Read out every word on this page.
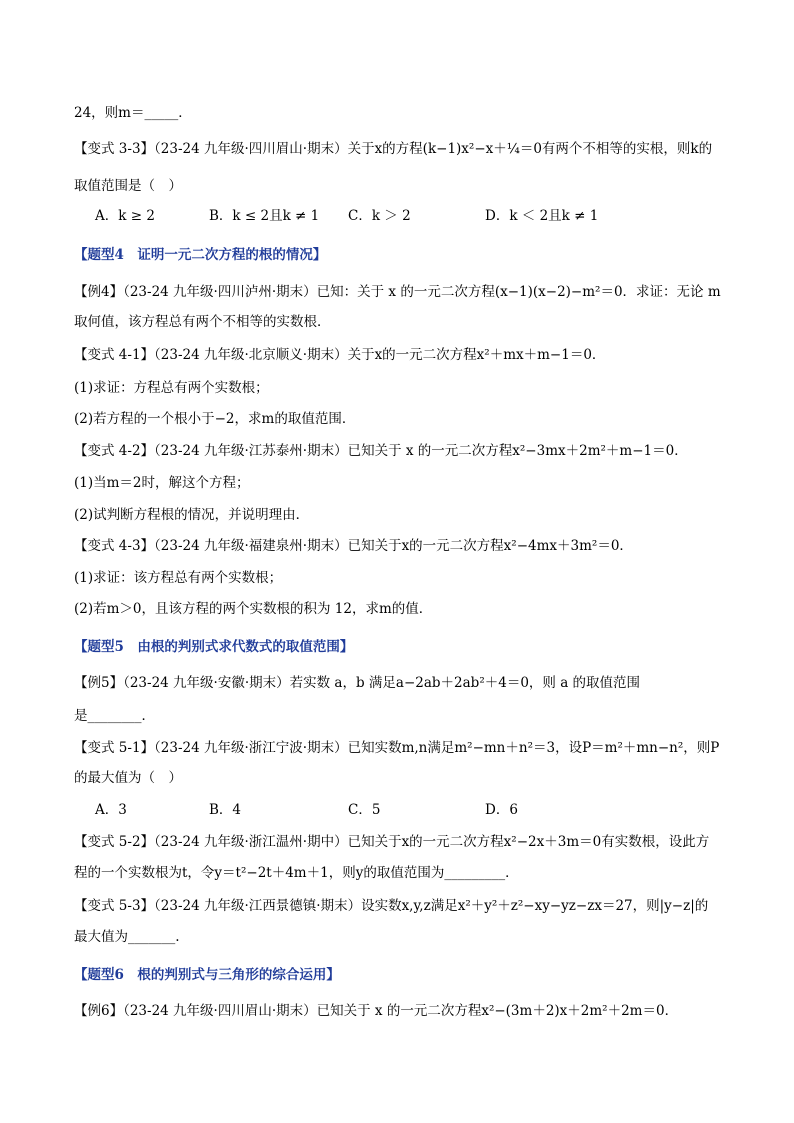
24，则m＝_____．
【变式 3-3】（23-24 九年级·四川眉山·期末）关于x的方程(k−1)x²−x＋¼＝0有两个不相等的实根，则k的
取值范围是（　）
A．k ≥ 2	B．k ≤ 2且k ≠ 1 C．k ＞ 2	D．k ＜ 2且k ≠ 1
【题型4　证明一元二次方程的根的情况】
【例4】（23-24 九年级·四川泸州·期末）已知：关于 x 的一元二次方程(x−1)(x−2)−m²＝0．求证：无论 m
取何值，该方程总有两个不相等的实数根．
【变式 4-1】（23-24 九年级·北京顺义·期末）关于x的一元二次方程x²＋mx＋m−1＝0．
(1)求证：方程总有两个实数根；
(2)若方程的一个根小于−2，求m的取值范围．
【变式 4-2】（23-24 九年级·江苏泰州·期末）已知关于 x 的一元二次方程x²−3mx＋2m²＋m−1＝0．
(1)当m＝2时，解这个方程；
(2)试判断方程根的情况，并说明理由．
【变式 4-3】（23-24 九年级·福建泉州·期末）已知关于x的一元二次方程x²−4mx＋3m²＝0．
(1)求证：该方程总有两个实数根；
(2)若m＞0，且该方程的两个实数根的积为 12，求m的值．
【题型5　由根的判别式求代数式的取值范围】
【例5】（23-24 九年级·安徽·期末）若实数 a，b 满足a−2ab＋2ab²＋4＝0，则 a 的取值范围
是________．
【变式 5-1】（23-24 九年级·浙江宁波·期末）已知实数m,n满足m²−mn＋n²＝3，设P＝m²＋mn−n²，则P
的最大值为（　）
A．3	B．4	C．5	D．6
【变式 5-2】（23-24 九年级·浙江温州·期中）已知关于x的一元二次方程x²−2x＋3m＝0有实数根，设此方
程的一个实数根为t，令y＝t²−2t＋4m＋1，则y的取值范围为_________．
【变式 5-3】（23-24 九年级·江西景德镇·期末）设实数x,y,z满足x²＋y²＋z²−xy−yz−zx＝27，则|y−z|的
最大值为_______.
【题型6　根的判别式与三角形的综合运用】
【例6】（23-24 九年级·四川眉山·期末）已知关于 x 的一元二次方程x²−(3m＋2)x＋2m²＋2m＝0．
